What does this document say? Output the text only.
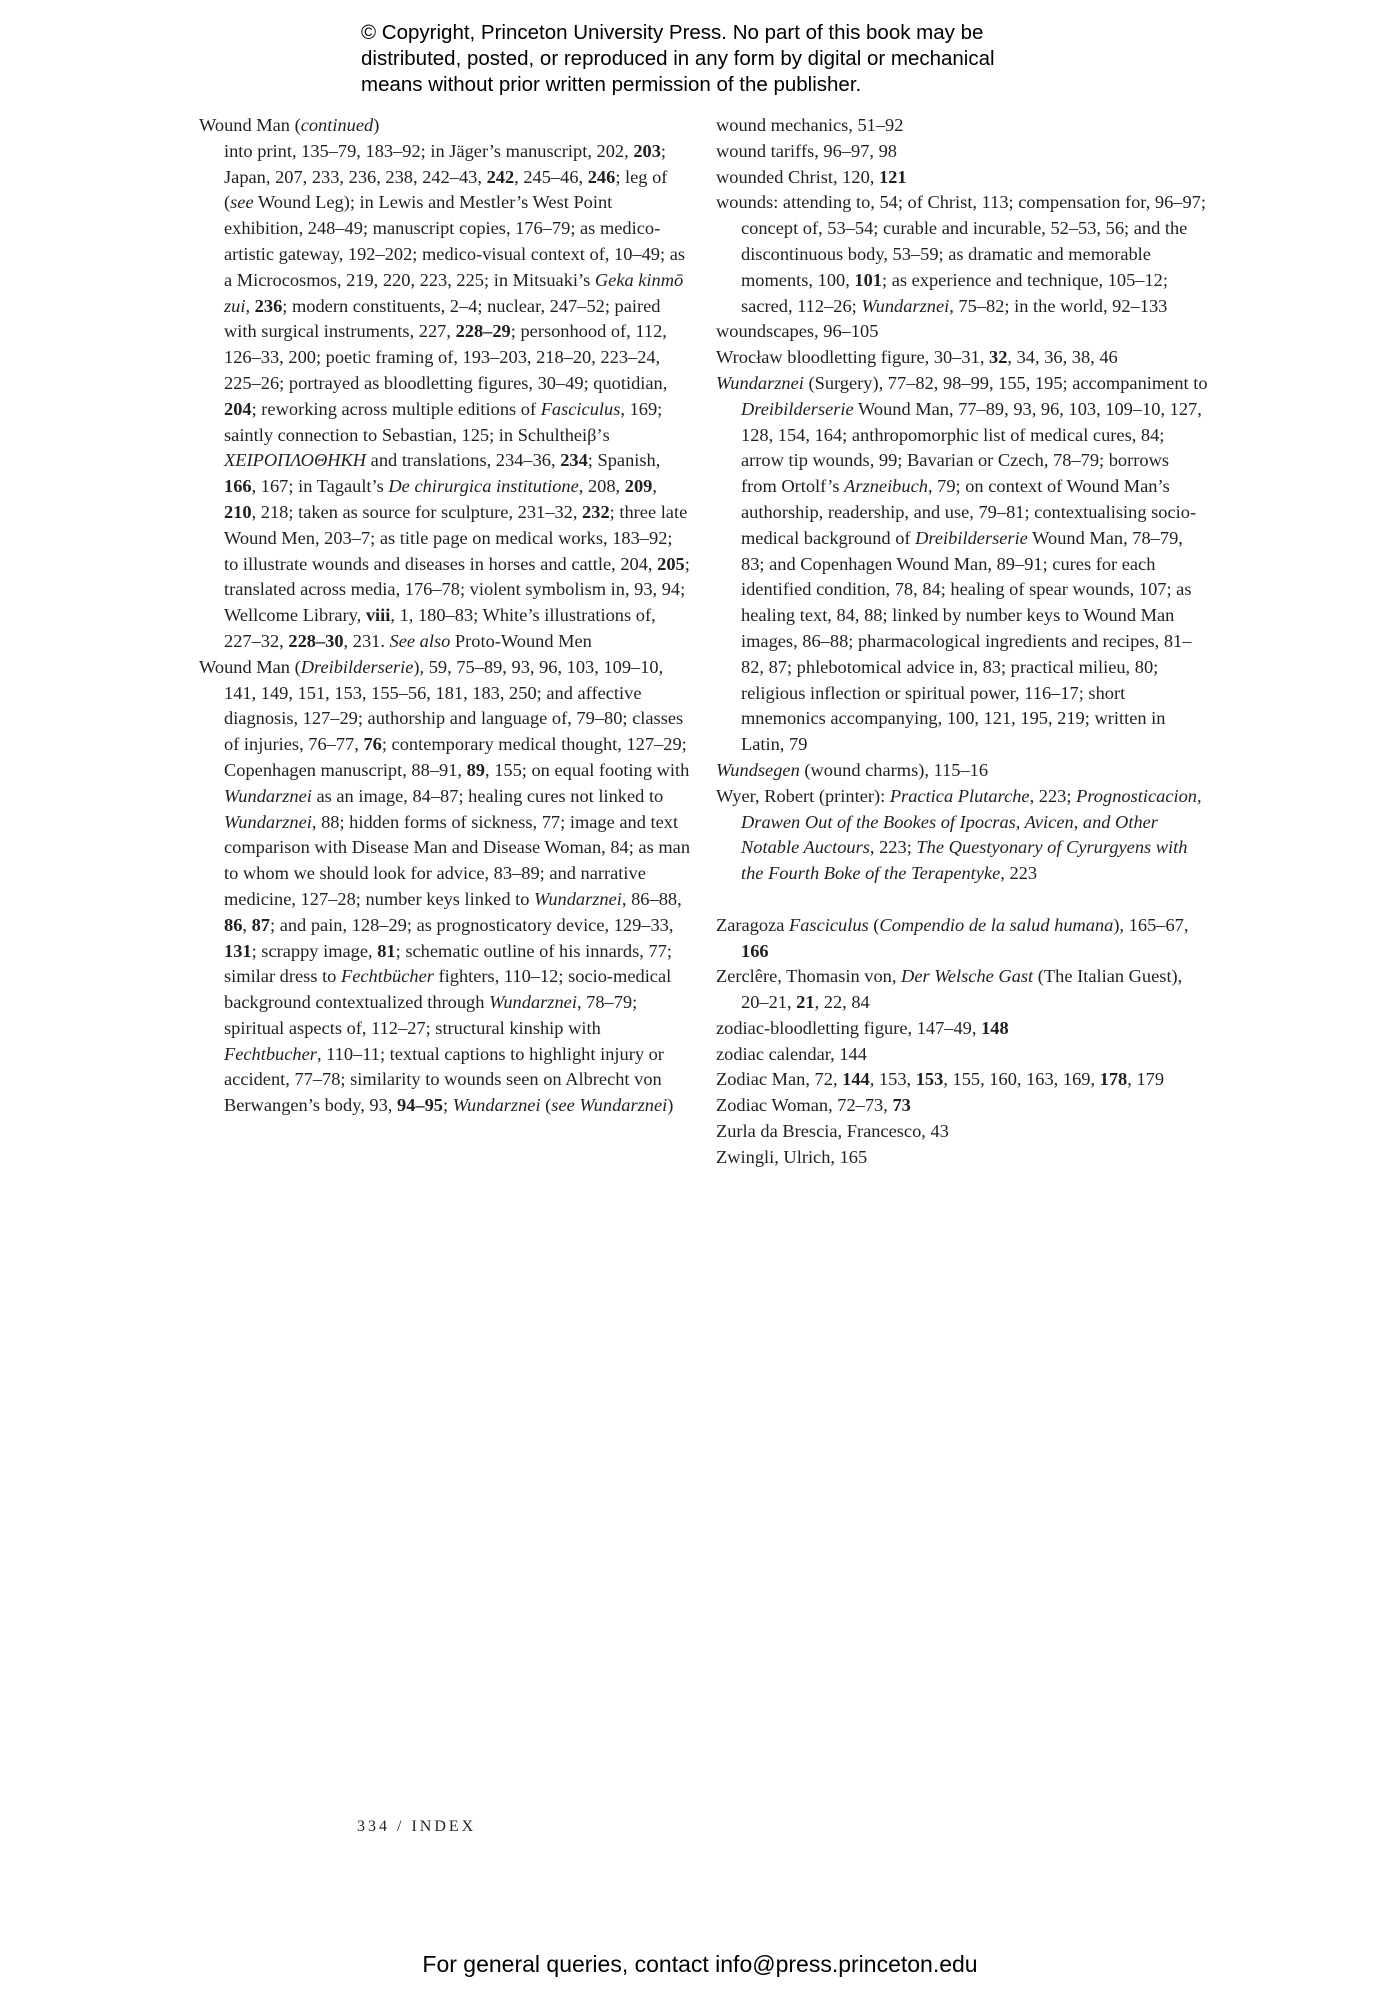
© Copyright, Princeton University Press. No part of this book may be
distributed, posted, or reproduced in any form by digital or mechanical
means without prior written permission of the publisher.

Wound Man (continued)
into print, 135–79, 183–92; in Jäger’s manuscript, 202, 203; Japan, 207, 233, 236, 238, 242–43, 242, 245–46, 246; leg of (see Wound Leg); in Lewis and Mestler’s West Point exhibition, 248–49; manuscript copies, 176–79; as medico-artistic gateway, 192–202; medico-visual context of, 10–49; as a Microcosmos, 219, 220, 223, 225; in Mitsuaki’s Geka kinmō zui, 236; modern constituents, 2–4; nuclear, 247–52; paired with surgical instruments, 227, 228–29; personhood of, 112, 126–33, 200; poetic framing of, 193–203, 218–20, 223–24, 225–26; portrayed as bloodletting figures, 30–49; quotidian, 204; reworking across multiple editions of Fasciculus, 169; saintly connection to Sebastian, 125; in Schultheiβ’s ΧΕΙΡΟΠΛΟΘΗΚΗ and translations, 234–36, 234; Spanish, 166, 167; in Tagault’s De chirurgica institutione, 208, 209, 210, 218; taken as source for sculpture, 231–32, 232; three late Wound Men, 203–7; as title page on medical works, 183–92; to illustrate wounds and diseases in horses and cattle, 204, 205; translated across media, 176–78; violent symbolism in, 93, 94; Wellcome Library, viii, 1, 180–83; White’s illustrations of, 227–32, 228–30, 231. See also Proto-Wound Men

Wound Man (Dreibilderserie), 59, 75–89, 93, 96, 103, 109–10, 141, 149, 151, 153, 155–56, 181, 183, 250; and affective diagnosis, 127–29; authorship and language of, 79–80; classes of injuries, 76–77, 76; contemporary medical thought, 127–29; Copenhagen manuscript, 88–91, 89, 155; on equal footing with Wundarznei as an image, 84–87; healing cures not linked to Wundarznei, 88; hidden forms of sickness, 77; image and text comparison with Disease Man and Disease Woman, 84; as man to whom we should look for advice, 83–89; and narrative medicine, 127–28; number keys linked to Wundarznei, 86–88, 86, 87; and pain, 128–29; as prognosticatory device, 129–33, 131; scrappy image, 81; schematic outline of his innards, 77; similar dress to Fechtbücher fighters, 110–12; socio-medical background contextualized through Wundarznei, 78–79; spiritual aspects of, 112–27; structural kinship with Fechtbucher, 110–11; textual captions to highlight injury or accident, 77–78; similarity to wounds seen on Albrecht von Berwangen’s body, 93, 94–95; Wundarznei (see Wundarznei)

wound mechanics, 51–92

wound tariffs, 96–97, 98

wounded Christ, 120, 121

wounds: attending to, 54; of Christ, 113; compensation for, 96–97; concept of, 53–54; curable and incurable, 52–53, 56; and the discontinuous body, 53–59; as dramatic and memorable moments, 100, 101; as experience and technique, 105–12; sacred, 112–26; Wundarznei, 75–82; in the world, 92–133

woundscapes, 96–105

Wrocław bloodletting figure, 30–31, 32, 34, 36, 38, 46

Wundarznei (Surgery), 77–82, 98–99, 155, 195; accompaniment to Dreibilderserie Wound Man, 77–89, 93, 96, 103, 109–10, 127, 128, 154, 164; anthropomorphic list of medical cures, 84; arrow tip wounds, 99; Bavarian or Czech, 78–79; borrows from Ortolf’s Arzneibuch, 79; on context of Wound Man’s authorship, readership, and use, 79–81; contextualising socio-medical background of Dreibilderserie Wound Man, 78–79, 83; and Copenhagen Wound Man, 89–91; cures for each identified condition, 78, 84; healing of spear wounds, 107; as healing text, 84, 88; linked by number keys to Wound Man images, 86–88; pharmacological ingredients and recipes, 81–82, 87; phlebotomical advice in, 83; practical milieu, 80; religious inflection or spiritual power, 116–17; short mnemonics accompanying, 100, 121, 195, 219; written in Latin, 79

Wundsegen (wound charms), 115–16

Wyer, Robert (printer): Practica Plutarche, 223; Prognosticacion, Drawen Out of the Bookes of Ipocras, Avicen, and Other Notable Auctours, 223; The Questyonary of Cyrurgyens with the Fourth Boke of the Terapentyke, 223

Zaragoza Fasciculus (Compendio de la salud humana), 165–67, 166

Zerclêre, Thomasin von, Der Welsche Gast (The Italian Guest), 20–21, 21, 22, 84

zodiac-bloodletting figure, 147–49, 148

zodiac calendar, 144

Zodiac Man, 72, 144, 153, 153, 155, 160, 163, 169, 178, 179

Zodiac Woman, 72–73, 73

Zurla da Brescia, Francesco, 43

Zwingli, Ulrich, 165

334 / INDEX
For general queries, contact info@press.princeton.edu
